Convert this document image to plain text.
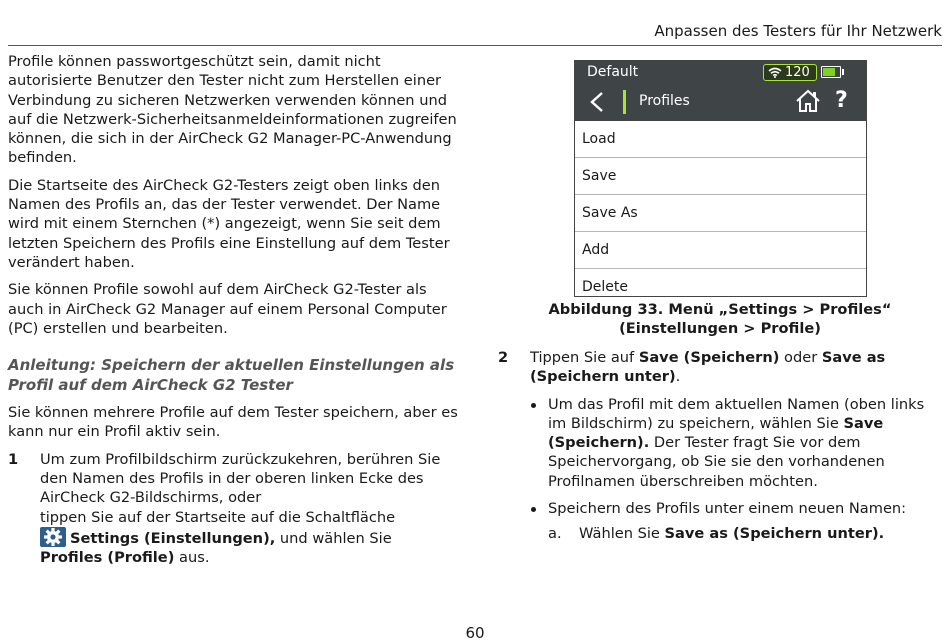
Anpassen des Testers für Ihr Netzwerk

Profile können passwortgeschützt sein, damit nicht autorisierte Benutzer den Tester nicht zum Herstellen einer Verbindung zu sicheren Netzwerken verwenden können und auf die Netzwerk-Sicherheitsanmeldeinformationen zugreifen können, die sich in der AirCheck G2 Manager-PC-Anwendung befinden.

Die Startseite des AirCheck G2-Testers zeigt oben links den Namen des Profils an, das der Tester verwendet. Der Name wird mit einem Sternchen (*) angezeigt, wenn Sie seit dem letzten Speichern des Profils eine Einstellung auf dem Tester verändert haben.

Sie können Profile sowohl auf dem AirCheck G2-Tester als auch in AirCheck G2 Manager auf einem Personal Computer (PC) erstellen und bearbeiten.

Anleitung: Speichern der aktuellen Einstellungen als Profil auf dem AirCheck G2 Tester

Sie können mehrere Profile auf dem Tester speichern, aber es kann nur ein Profil aktiv sein.

1 Um zum Profilbildschirm zurückzukehren, berühren Sie den Namen des Profils in der oberen linken Ecke des AirCheck G2-Bildschirms, oder
tippen Sie auf der Startseite auf die Schaltfläche

Settings (Einstellungen), und wählen Sie Profiles (Profile) aus.
Default	120
Profiles	?
Load
Save
Save As
Add
Delete
Abbildung 33. Menü „Settings > Profiles“
(Einstellungen > Profile)
2 Tippen Sie auf Save (Speichern) oder Save as (Speichern unter).
Um das Profil mit dem aktuellen Namen (oben links im Bildschirm) zu speichern, wählen Sie Save (Speichern). Der Tester fragt Sie vor dem Speichervorgang, ob Sie sie den vorhandenen Profilnamen überschreiben möchten.
Speichern des Profils unter einem neuen Namen:
a. Wählen Sie Save as (Speichern unter).
60
